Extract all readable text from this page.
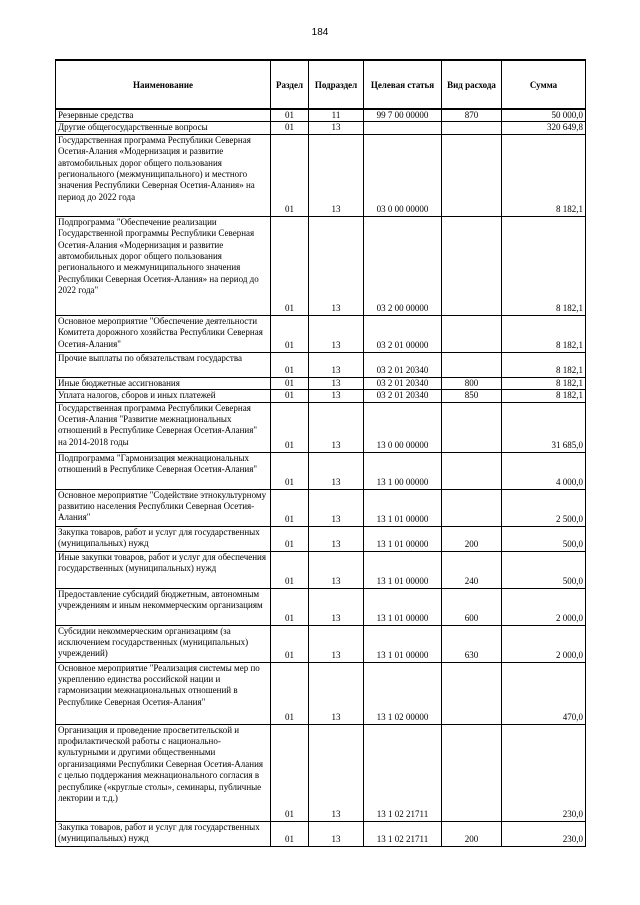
184
Наименование	Раздел	Подраздел	Целевая статья	Вид расхода	Сумма
Резервные средства	01	11	99 7 00 00000	870	50 000,0
Другие общегосударственные вопросы	01	13			320 649,8
Государственная программа Республики Северная Осетия-Алания «Модернизация и развитие автомобильных дорог общего пользования регионального (межмуниципального) и местного значения Республики Северная Осетия-Алания» на период до 2022 года	01	13	03 0 00 00000		8 182,1
Подпрограмма "Обеспечение реализации Государственной программы Республики Северная Осетия-Алания «Модернизация и развитие автомобильных дорог общего пользования регионального и межмуниципального значения Республики Северная Осетия-Алания» на период до 2022 года"	01	13	03 2 00 00000		8 182,1
Основное мероприятие "Обеспечение деятельности Комитета дорожного хозяйства Республики Северная Осетия-Алания"	01	13	03 2 01 00000		8 182,1
Прочие выплаты по обязательствам государства	01	13	03 2 01 20340		8 182,1
Иные бюджетные ассигнования	01	13	03 2 01 20340	800	8 182,1
Уплата налогов, сборов и иных платежей	01	13	03 2 01 20340	850	8 182,1
Государственная программа Республики Северная Осетия-Алания "Развитие межнациональных отношений в Республике Северная Осетия-Алания" на 2014-2018 годы	01	13	13 0 00 00000		31 685,0
Подпрограмма "Гармонизация межнациональных отношений в Республике Северная Осетия-Алания"	01	13	13 1 00 00000		4 000,0
Основное мероприятие "Содействие этнокультурному развитию населения Республики Северная Осетия-Алания"	01	13	13 1 01 00000		2 500,0
Закупка товаров, работ и услуг для государственных (муниципальных) нужд	01	13	13 1 01 00000	200	500,0
Иные закупки товаров, работ и услуг для обеспечения государственных (муниципальных) нужд	01	13	13 1 01 00000	240	500,0
Предоставление субсидий бюджетным, автономным учреждениям и иным некоммерческим организациям	01	13	13 1 01 00000	600	2 000,0
Субсидии некоммерческим организациям (за исключением государственных (муниципальных) учреждений)	01	13	13 1 01 00000	630	2 000,0
Основное мероприятие "Реализация системы мер по укреплению единства российской нации и гармонизации межнациональных отношений в Республике Северная Осетия-Алания"	01	13	13 1 02 00000		470,0
Организация и проведение просветительской и профилактической работы с национально-культурными и другими общественными организациями Республики Северная Осетия-Алания с целью поддержания межнационального согласия в республике («круглые столы», семинары, публичные лектории и т.д.)	01	13	13 1 02 21711		230,0
Закупка товаров, работ и услуг для государственных (муниципальных) нужд	01	13	13 1 02 21711	200	230,0
